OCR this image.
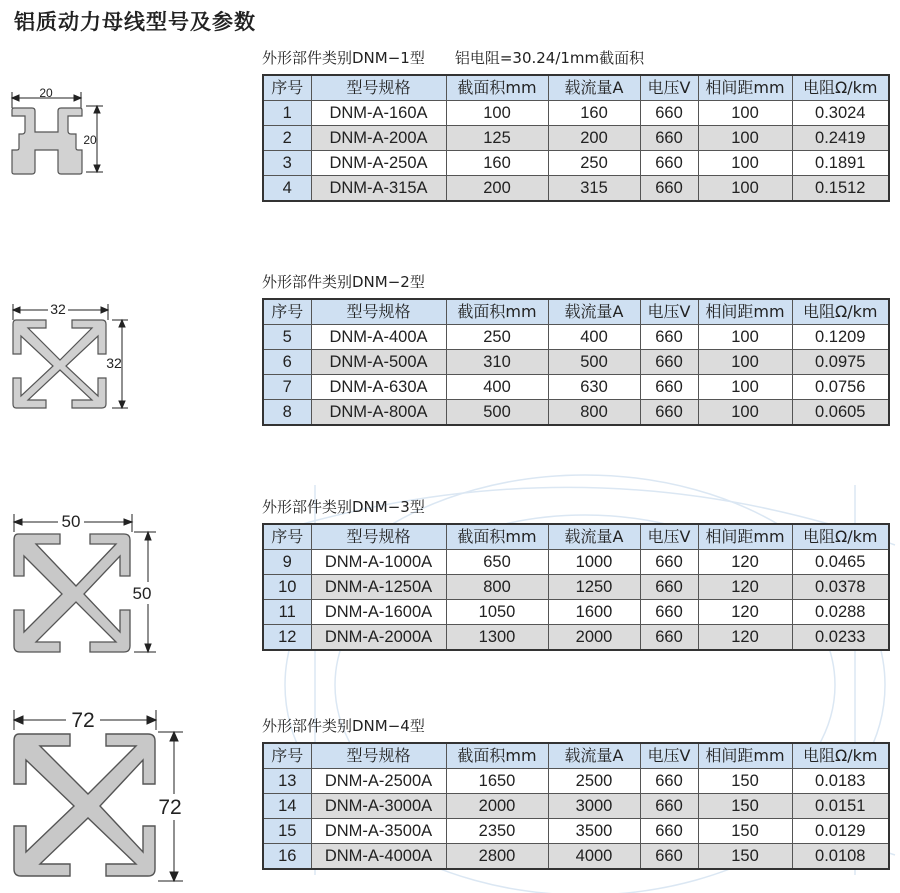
铝质动力母线型号及参数
20
20
外形部件类别DNM−1型 铝电阻=30.24/1mm截面积
序号	型号规格	截面积mm	载流量A	电压V	相间距mm	电阻Ω/km
1	DNM-A-160A	100	160	660	100	0.3024
2	DNM-A-200A	125	200	660	100	0.2419
3	DNM-A-250A	160	250	660	100	0.1891
4	DNM-A-315A	200	315	660	100	0.1512
32
32
外形部件类别DNM−2型
序号	型号规格	截面积mm	载流量A	电压V	相间距mm	电阻Ω/km
5	DNM-A-400A	250	400	660	100	0.1209
6	DNM-A-500A	310	500	660	100	0.0975
7	DNM-A-630A	400	630	660	100	0.0756
8	DNM-A-800A	500	800	660	100	0.0605
50
50
外形部件类别DNM−3型
序号	型号规格	截面积mm	载流量A	电压V	相间距mm	电阻Ω/km
9	DNM-A-1000A	650	1000	660	120	0.0465
10	DNM-A-1250A	800	1250	660	120	0.0378
11	DNM-A-1600A	1050	1600	660	120	0.0288
12	DNM-A-2000A	1300	2000	660	120	0.0233
72
72
外形部件类别DNM−4型
序号	型号规格	截面积mm	载流量A	电压V	相间距mm	电阻Ω/km
13	DNM-A-2500A	1650	2500	660	150	0.0183
14	DNM-A-3000A	2000	3000	660	150	0.0151
15	DNM-A-3500A	2350	3500	660	150	0.0129
16	DNM-A-4000A	2800	4000	660	150	0.0108
